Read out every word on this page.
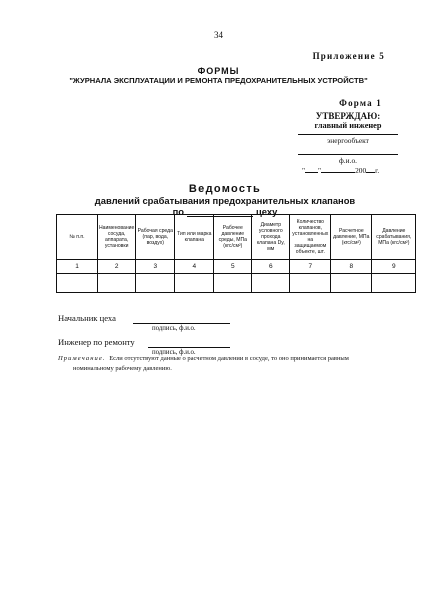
34
Приложение 5
ФОРМЫ
"ЖУРНАЛА ЭКСПЛУАТАЦИИ И РЕМОНТА ПРЕДОХРАНИТЕЛЬНЫХ УСТРОЙСТВ"
Форма 1
УТВЕРЖДАЮ:
главный инженер
энергообъект
ф.и.о.
" "	200 г.
Ведомость
давлений срабатывания предохранительных клапанов
по	цеху
№ п.п.	Наименование сосуда, аппарата, установки	Рабочая среда (пар, вода, воздух)	Тип или марка клапана	Рабочее давление среды, МПа (кгс/см²)	Диаметр условного прохода клапана Dу, мм	Количество клапанов, установленных на защищаемом объекте, шт.	Расчетное давление, МПа (кгс/см²)	Давление срабатывания, МПа (кгс/см²)
1	2	3	4	5	6	7	8	9

Начальник цеха
подпись, ф.и.о.
Инженер по ремонту
подпись, ф.и.о.
Примечание. Если отсутствуют данные о расчетном давлении в сосуде, то оно принимается равным
номинальному рабочему давлению.
